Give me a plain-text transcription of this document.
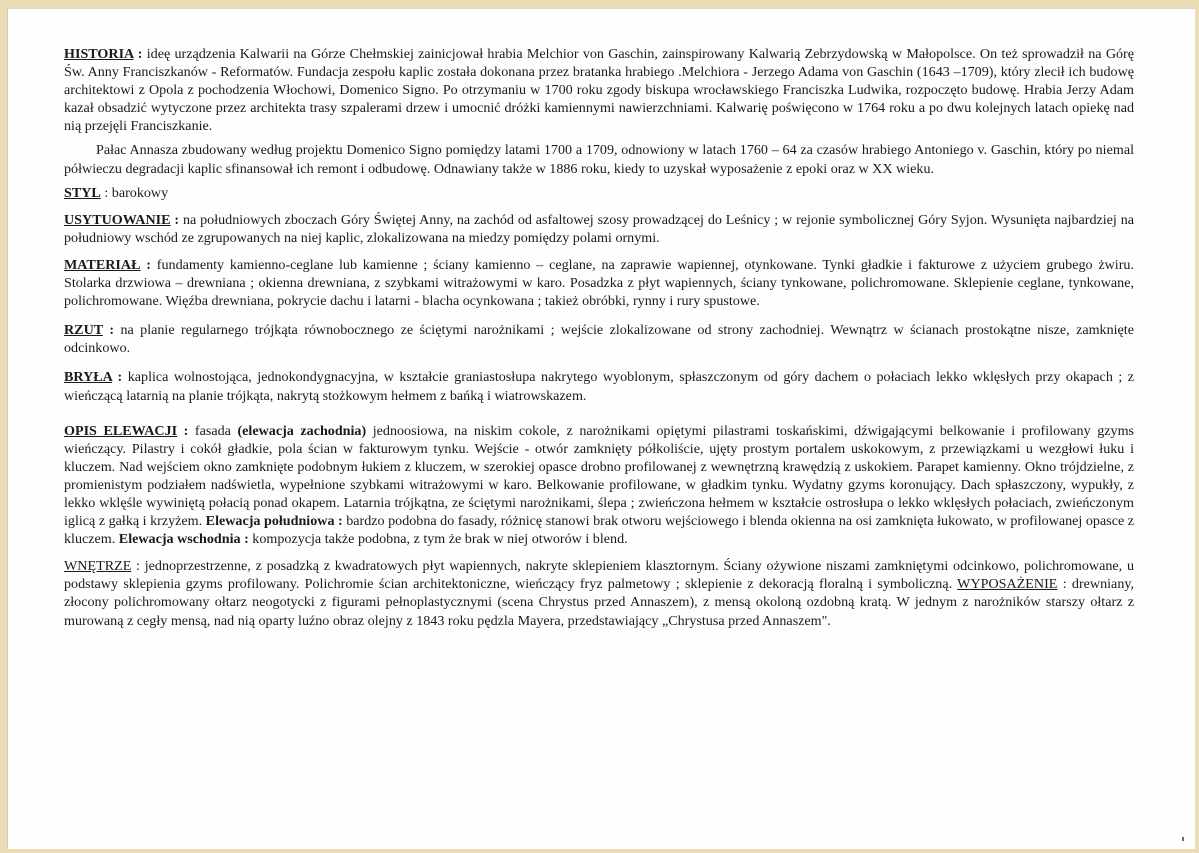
HISTORIA : ideę urządzenia Kalwarii na Górze Chełmskiej zainicjował hrabia Melchior von Gaschin, zainspirowany Kalwarią Zebrzydowską w Małopolsce. On też sprowadził na Górę Św. Anny Franciszkanów - Reformatów. Fundacja zespołu kaplic została dokonana przez bratanka hrabiego .Melchiora - Jerzego Adama von Gaschin (1643 –1709), który zlecił ich budowę architektowi z Opola z pochodzenia Włochowi, Domenico Signo. Po otrzymaniu w 1700 roku zgody biskupa wrocławskiego Franciszka Ludwika, rozpoczęto budowę. Hrabia Jerzy Adam kazał obsadzić wytyczone przez architekta trasy szpalerami drzew i umocnić dróżki kamiennymi nawierzchniami. Kalwarię poświęcono w 1764 roku a po dwu kolejnych latach opiekę nad nią przejęli Franciszkanie.

Pałac Annasza zbudowany według projektu Domenico Signo pomiędzy latami 1700 a 1709, odnowiony w latach 1760 – 64 za czasów hrabiego Antoniego v. Gaschin, który po niemal półwieczu degradacji kaplic sfinansował ich remont i odbudowę. Odnawiany także w 1886 roku, kiedy to uzyskał wyposażenie z epoki oraz w XX wieku.

STYL : barokowy

USYTUOWANIE : na południowych zboczach Góry Świętej Anny, na zachód od asfaltowej szosy prowadzącej do Leśnicy ; w rejonie symbolicznej Góry Syjon. Wysunięta najbardziej na południowy wschód ze zgrupowanych na niej kaplic, zlokalizowana na miedzy pomiędzy polami ornymi.

MATERIAŁ : fundamenty kamienno-ceglane lub kamienne ; ściany kamienno – ceglane, na zaprawie wapiennej, otynkowane. Tynki gładkie i fakturowe z użyciem grubego żwiru. Stolarka drzwiowa – drewniana ; okienna drewniana, z szybkami witrażowymi w karo. Posadzka z płyt wapiennych, ściany tynkowane, polichromowane. Sklepienie ceglane, tynkowane, polichromowane. Więźba drewniana, pokrycie dachu i latarni - blacha ocynkowana ; takież obróbki, rynny i rury spustowe.

RZUT : na planie regularnego trójkąta równobocznego ze ściętymi narożnikami ; wejście zlokalizowane od strony zachodniej. Wewnątrz w ścianach prostokątne nisze, zamknięte odcinkowo.

BRYŁA : kaplica wolnostojąca, jednokondygnacyjna, w kształcie graniastosłupa nakrytego wyoblonym, spłaszczonym od góry dachem o połaciach lekko wklęsłych przy okapach ; z wieńczącą latarnią na planie trójkąta, nakrytą stożkowym hełmem z bańką i wiatrowskazem.

OPIS ELEWACJI : fasada (elewacja zachodnia) jednoosiowa, na niskim cokole, z narożnikami opiętymi pilastrami toskańskimi, dźwigającymi belkowanie i profilowany gzyms wieńczący. Pilastry i cokół gładkie, pola ścian w fakturowym tynku. Wejście - otwór zamknięty półkoliście, ujęty prostym portalem uskokowym, z przewiązkami u wezgłowi łuku i kluczem. Nad wejściem okno zamknięte podobnym łukiem z kluczem, w szerokiej opasce drobno profilowanej z wewnętrzną krawędzią z uskokiem. Parapet kamienny. Okno trójdzielne, z promienistym podziałem nadświetla, wypełnione szybkami witrażowymi w karo. Belkowanie profilowane, w gładkim tynku. Wydatny gzyms koronujący. Dach spłaszczony, wypukły, z lekko wklęśle wywiniętą połacią ponad okapem. Latarnia trójkątna, ze ściętymi narożnikami, ślepa ; zwieńczona hełmem w kształcie ostrosłupa o lekko wklęsłych połaciach, zwieńczonym iglicą z gałką i krzyżem. Elewacja południowa : bardzo podobna do fasady, różnicę stanowi brak otworu wejściowego i blenda okienna na osi zamknięta łukowato, w profilowanej opasce z kluczem. Elewacja wschodnia : kompozycja także podobna, z tym że brak w niej otworów i blend.

WNĘTRZE : jednoprzestrzenne, z posadzką z kwadratowych płyt wapiennych, nakryte sklepieniem klasztornym. Ściany ożywione niszami zamkniętymi odcinkowo, polichromowane, u podstawy sklepienia gzyms profilowany. Polichromie ścian architektoniczne, wieńczący fryz palmetowy ; sklepienie z dekoracją floralną i symboliczną. WYPOSAŻENIE : drewniany, złocony polichromowany ołtarz neogotycki z figurami pełnoplastycznymi (scena Chrystus przed Annaszem), z mensą okoloną ozdobną kratą. W jednym z narożników starszy ołtarz z murowaną z cegły mensą, nad nią oparty luźno obraz olejny z 1843 roku pędzla Mayera, przedstawiający „Chrystusa przed Annaszem".
